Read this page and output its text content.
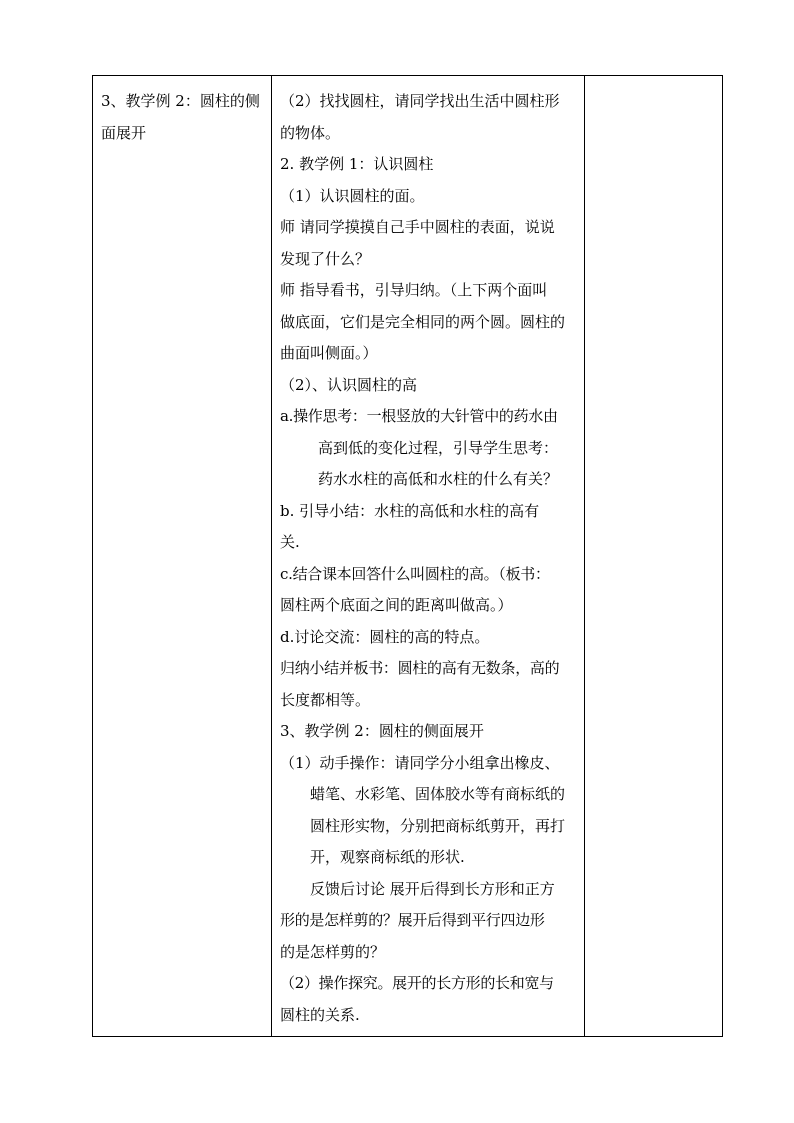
3、教学例 2：圆柱的侧
面展开

（2）找找圆柱，请同学找出生活中圆柱形
的物体。
2. 教学例 1：认识圆柱
（1）认识圆柱的面。
师 请同学摸摸自己手中圆柱的表面，说说
发现了什么？
师 指导看书，引导归纳。（上下两个面叫
做底面，它们是完全相同的两个圆。圆柱的
曲面叫侧面。）
（2）、认识圆柱的高
a.操作思考：一根竖放的大针管中的药水由
高到低的变化过程，引导学生思考：
药水水柱的高低和水柱的什么有关？
b. 引导小结：水柱的高低和水柱的高有
关.
c.结合课本回答什么叫圆柱的高。（板书：
圆柱两个底面之间的距离叫做高。）
d.讨论交流：圆柱的高的特点。
归纳小结并板书：圆柱的高有无数条，高的
长度都相等。
3、教学例 2：圆柱的侧面展开
（1）动手操作：请同学分小组拿出橡皮、
蜡笔、水彩笔、固体胶水等有商标纸的
圆柱形实物，分别把商标纸剪开，再打
开，观察商标纸的形状.
反馈后讨论 展开后得到长方形和正方
形的是怎样剪的？展开后得到平行四边形
的是怎样剪的？
（2）操作探究。展开的长方形的长和宽与
圆柱的关系.
